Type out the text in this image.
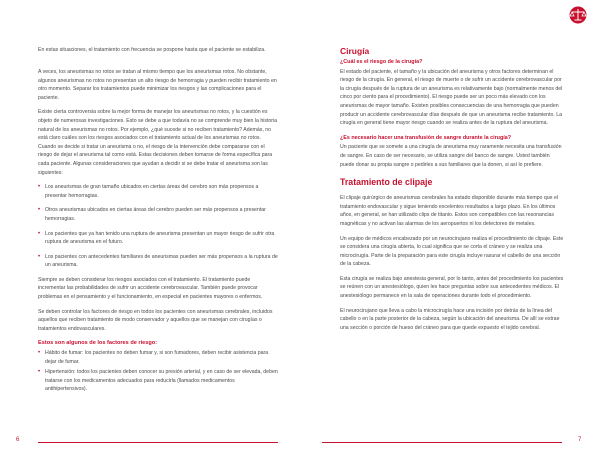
En estas situaciones, el tratamiento con frecuencia se pospone hasta que el paciente se estabiliza.

A veces, los aneurismas no rotos se tratan al mismo tiempo que los aneurismas rotos. No obstante, algunos aneurismas no rotos no presentan un alto riesgo de hemorragia y pueden recibir tratamiento en otro momento. Separar los tratamientos puede minimizar los riesgos y las complicaciones para el paciente.

Existe cierta controversia sobre la mejor forma de manejar los aneurismas no rotos, y la cuestión es objeto de numerosas investigaciones. Esto se debe a que todavía no se comprende muy bien la historia natural de los aneurismas no rotos. Por ejemplo, ¿qué sucede si no reciben tratamiento? Además, no está claro cuáles son los riesgos asociados con el tratamiento actual de los aneurismas no rotos. Cuando se decide si tratar un aneurisma o no, el riesgo de la intervención debe compararse con el riesgo de dejar el aneurisma tal como está. Estas decisiones deben tomarse de forma específica para cada paciente. Algunas consideraciones que ayudan a decidir si se debe tratar el aneurisma son las siguientes:

• Los aneurismas de gran tamaño ubicados en ciertas áreas del cerebro son más propensos a presentar hemorragias.
• Otros aneurismas ubicados en ciertas áreas del cerebro pueden ser más propensos a presentar hemorragias.
• Los pacientes que ya han tenido una ruptura de aneurisma presentan un mayor riesgo de sufrir otra ruptura de aneurisma en el futuro.
• Los pacientes con antecedentes familiares de aneurismas pueden ser más propensos a la ruptura de un aneurisma.

Siempre se deben considerar los riesgos asociados con el tratamiento. El tratamiento puede incrementar las probabilidades de sufrir un accidente cerebrovascular. También puede provocar problemas en el pensamiento y el funcionamiento, en especial en pacientes mayores o enfermos.

Se deben controlar los factores de riesgo en todos los pacientes con aneurismas cerebrales, incluidos aquellos que reciben tratamiento de modo conservador y aquellos que se manejan con cirugías o tratamientos endovasculares.

Estos son algunos de los factores de riesgo:
• Hábito de fumar: los pacientes no deben fumar y, si son fumadores, deben recibir asistencia para dejar de fumar.
• Hipertensión: todos los pacientes deben conocer su presión arterial, y en caso de ser elevada, deben tratarse con los medicamentos adecuados para reducirla (llamados medicamentos antihipertensivos).
Cirugía
¿Cuál es el riesgo de la cirugía?

El estado del paciente, el tamaño y la ubicación del aneurisma y otros factores determinan el riesgo de la cirugía. En general, el riesgo de muerte o de sufrir un accidente cerebrovascular por la cirugía después de la ruptura de un aneurisma es relativamente bajo (normalmente menos del cinco por ciento para el procedimiento). El riesgo puede ser un poco más elevado con los aneurismas de mayor tamaño. Existen posibles consecuencias de una hemorragia que pueden producir un accidente cerebrovascular días después de que un aneurisma recibe tratamiento. La cirugía en general tiene mayor riesgo cuando se realiza antes de la ruptura del aneurisma.

¿Es necesario hacer una transfusión de sangre durante la cirugía?

Un paciente que se somete a una cirugía de aneurisma muy raramente necesita una transfusión de sangre. En caso de ser necesario, se utiliza sangre del banco de sangre. Usted también puede donar su propia sangre o pedirles a sus familiares que la donen, si así lo prefiere.

Tratamiento de clipaje

El clipaje quirúrgico de aneurismas cerebrales ha estado disponible durante más tiempo que el tratamiento endovascular y sigue teniendo excelentes resultados a largo plazo. En los últimos años, en general, se han utilizado clips de titanio. Estos son compatibles con las resonancias magnéticas y no activan las alarmas de los aeropuertos ni los detectores de metales.

Un equipo de médicos encabezado por un neurocirujano realiza el procedimiento de clipaje. Este se considera una cirugía abierta, lo cual significa que se corta el cráneo y se realiza una microcirugía. Parte de la preparación para este cirugía incluye rasurar el cabello de una sección de la cabeza.

Esta cirugía se realiza bajo anestesia general, por lo tanto, antes del procedimiento los pacientes se reúnen con un anestesiólogo, quien les hace preguntas sobre sus antecedentes médicos. El anestesiólogo permanece en la sala de operaciones durante todo el procedimiento.

El neurocirujano que lleva a cabo la microcirugía hace una incisión por detrás de la línea del cabello o en la parte posterior de la cabeza, según la ubicación del aneurisma. De allí se extrae una sección o porción de hueso del cráneo para que quede expuesto el tejido cerebral.

6	7
